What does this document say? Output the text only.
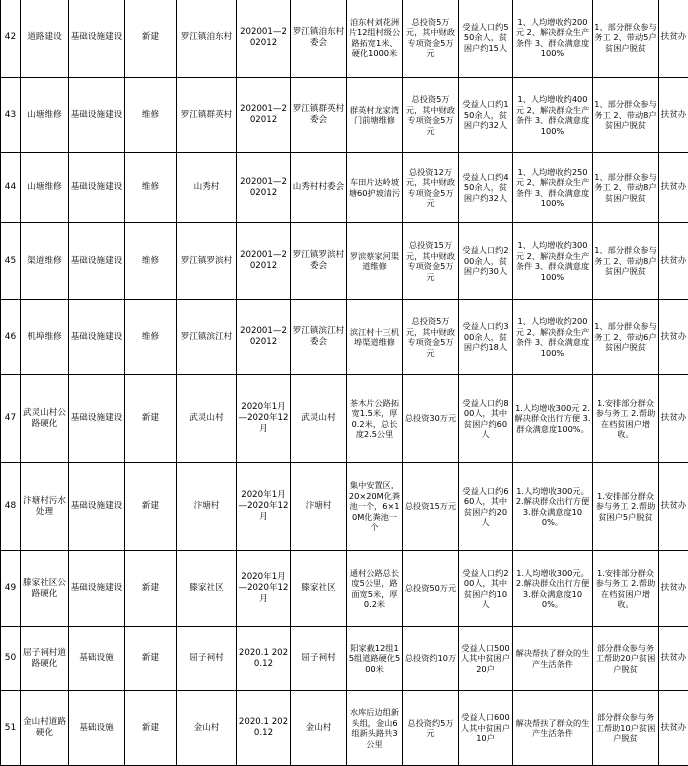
42	道路建设	基础设施建设	新建	罗江镇洎东村	202001—202012	罗江镇洎东村委会	洎东村刘花洲片12组村级公路拓宽1米、硬化1000米	总投资5万元，其中财政专项资金5万元	受益人口约550余人，贫困户约15人	1、人均增收约200元 2、解决群众生产条件 3、群众满意度100%	1、部分群众参与务工 2、带动5户贫困户脱贫	扶贫办
43	山塘维修	基础设施建设	维修	罗江镇群英村	202001—202012	罗江镇群英村委会	群英村龙家湾门前塘维修	总投资5万元，其中财政专项资金5万元	受益人口约150余人，贫困户约32人	1、人均增收约400元 2、解决群众生产条件 3、群众满意度100%	1、部分群众参与务工 2、带动8户贫困户脱贫	扶贫办
44	山塘维修	基础设施建设	维修	山秀村	202001—202012	山秀村村委会	车田片达岭坡塘60护坡清污	总投资12万元，其中财政专项资金5万元	受益人口约450余人，贫困户约32人	1、人均增收约250元 2、解决群众生产条件 3、群众满意度100%	1、部分群众参与务工 2、带动8户贫困户脱贫	扶贫办
45	渠道维修	基础设施建设	维修	罗江镇罗滨村	202001—202012	罗江镇罗滨村委会	罗滨蔡家河渠道维修	总投资15万元，其中财政专项资金5万元	受益人口约200余人，贫困户约30人	1、人均增收约300元 2、解决群众生产条件 3、群众满意度100%	1、部分群众参与务工 2、带动8户贫困户脱贫	扶贫办
46	机埠维修	基础设施建设	维修	罗江镇滨江村	202001—202012	罗江镇滨江村委会	滨江村十三机埠渠道维修	总投资5万元，其中财政专项资金5万元	受益人口约300余人，贫困户约18人	1、人均增收约200元 2、解决群众生产条件 3、群众满意度100%	1、部分群众参与务工 2、带动6户贫困户脱贫	扶贫办
47	武灵山村公路硬化	基础设施建设	新建	武灵山村	2020年1月—2020年12月	武灵山村	茶木片公路拓宽1.5米，厚0.2米，总长度2.5公里	总投资30万元	受益人口约800人，其中贫困户约60人	1.人均增收300元 2.解决群众出行方便 3.群众满意度100%。	1.安排部分群众参与务工 2.帮助在档贫困户增收。	扶贫办
48	汴塘村污水处理	基础设施建设	新建	汴塘村	2020年1月—2020年12月	汴塘村	集中安置区，20×20M化粪池一个，6×10M化粪池一个	总投资15万元	受益人口约660人，其中贫困户约20人	1.人均增收300元。 2.解决群众出行方便 3.群众满意度100%。	1.安排部分群众参与务工 2.帮助贫困户5户脱贫	扶贫办
49	滕家社区公路硬化	基础设施建设	新建	滕家社区	2020年1月—2020年12月	滕家社区	通村公路总长度5公里，路面宽5米，厚0.2米	总投资50万元	受益人口约200人，其中贫困户约10人	1.人均增收300元。 2.解决群众出行方便 3.群众满意度100%。	1.安排部分群众参与务工 2.帮助在档贫困户增收。	扶贫办
50	屈子祠村道路硬化	基础设施	新建	屈子祠村	2020.1 2020.12	屈子祠村	阳家截12组15组道路硬化500米	总投资约10万	受益人口500人其中贫困户20户	解决帮扶了群众的生产生活条件	部分群众参与务工帮助20户贫困户脱贫	扶贫办
51	金山村道路硬化	基础设施	新建	金山村	2020.1 2020.12	金山村	水库后边组新头组，金山6组新头路共3公里	总投资约5万元	受益人口600人其中贫困户10户	解决帮扶了群众的生产生活条件	部分群众参与务工帮助10户贫困户脱贫	扶贫办
